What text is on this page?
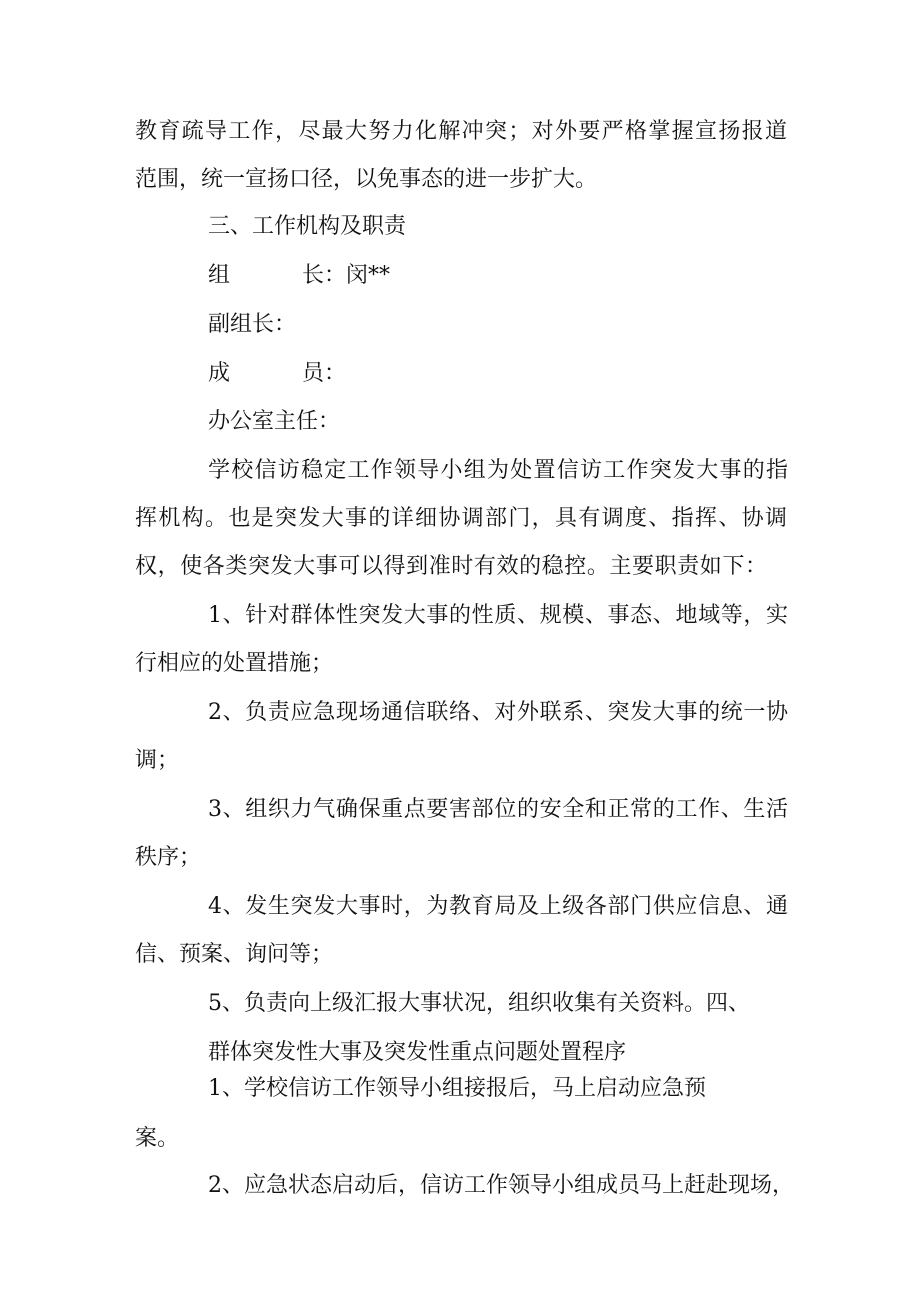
教育疏导工作，尽最大努力化解冲突；对外要严格掌握宣扬报道
范围，统一宣扬口径，以免事态的进一步扩大。
三、工作机构及职责
组	长：闵**
副组长：
成	员：
办公室主任：
学校信访稳定工作领导小组为处置信访工作突发大事的指
挥机构。也是突发大事的详细协调部门，具有调度、指挥、协调
权，使各类突发大事可以得到准时有效的稳控。主要职责如下：
1、针对群体性突发大事的性质、规模、事态、地域等，实
行相应的处置措施；
2、负责应急现场通信联络、对外联系、突发大事的统一协
调；
3、组织力气确保重点要害部位的安全和正常的工作、生活
秩序；
4、发生突发大事时，为教育局及上级各部门供应信息、通
信、预案、询问等；
5、负责向上级汇报大事状况，组织收集有关资料。四、
群体突发性大事及突发性重点问题处置程序
1、学校信访工作领导小组接报后，马上启动应急预
案。
2、应急状态启动后，信访工作领导小组成员马上赶赴现场，
